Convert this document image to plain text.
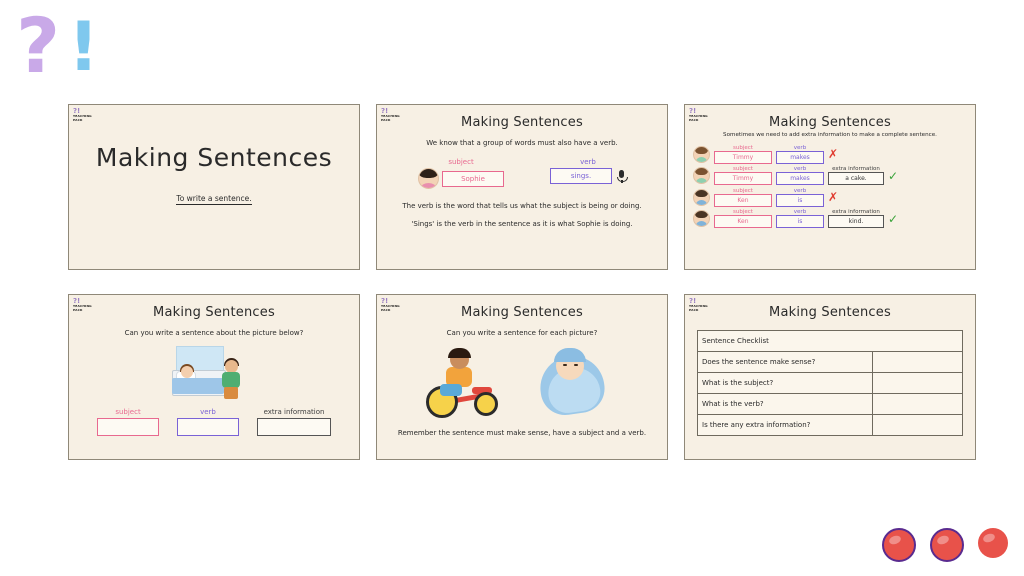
? !
?!
TEACHING PACK
Making Sentences
To write a sentence.
?!
TEACHING PACK	Making Sentences
We know that a group of words must also have a verb.
subject
Sophie
verb
sings.
The verb is the word that tells us what the subject is being or doing.
'Sings' is the verb in the sentence as it is what Sophie is doing.
?!
TEACHING PACK	Making Sentences
Sometimes we need to add extra information to make a complete sentence.
subject
Timmy
verb
makes	✗
subject
Timmy
verb
makes
extra information
a cake.	✓
subject
Ken
verb
is	✗
subject
Ken
verb
is
extra information
kind.	✓
?!
TEACHING PACK	Making Sentences
Can you write a sentence about the picture below?
subject	verb	extra information
?!
TEACHING PACK	Making Sentences
Can you write a sentence for each picture?
Remember the sentence must make sense, have a subject and a verb.
?!
TEACHING PACK	Making Sentences
Sentence Checklist
Does the sentence make sense?
What is the subject?
What is the verb?
Is there any extra information?
